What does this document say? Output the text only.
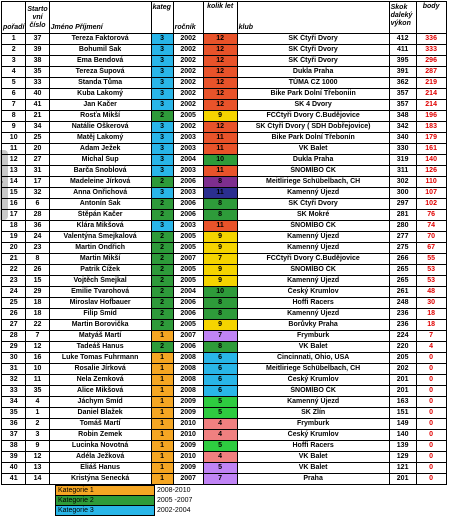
›
pořadí	Starto vní číslo	Jméno Příjmení	kateg	ročník	kolik let	klub	Skok daleký výkon	body
1	37	Tereza Faktorová	3	2002	12	SK Čtyři Dvory	412	336
2	39	Bohumil Šak	3	2002	12	SK Čtyři Dvory	411	333
3	38	Ema Bendová	3	2002	12	SK Čtyři Dvory	395	296
4	35	Tereza Šupová	3	2002	12	Dukla Praha	391	287
5	33	Standa Tůma	3	2002	12	TŮMA CZ 1000	362	219
6	40	Kuba Lakomý	3	2002	12	Bike Park Dolní Třeboniin	357	214
7	41	Jan Kačer	3	2002	12	SK 4 Dvory	357	214
8	21	Rosťa Mikší	2	2005	9	FCČtyři Dvory Č.Budějovice	348	196
9	34	Natálie Oškerová	3	2002	12	SK Čtyři Dvory ( SDH Dobřejovice)	342	183
10	25	Matěj Lakomý	3	2003	11	Bike Park Dolní Třebonín	340	179
11	20	Adam Ježek	3	2003	11	VK Balet	330	161
12	27	Michal Šup	3	2004	10	Dukla Praha	319	140
13	31	Barča Šnoblová	3	2003	11	ŠNOMÍBO ČK	311	126
14	17	Madeleine Jírková	2	2006	8	Meitliriege Schübelbach, CH	302	110
15	32	Anna Onřichová	3	2003	11	Kamenný Újezd	300	107
16	6	Antonín Šak	2	2006	8	SK Čtyři Dvory	297	102
17	28	Štěpán Kačer	2	2006	8	SK Mokré	281	76
18	36	Klára Mikšová	3	2003	11	ŠNOMÍBO ČK	280	74
19	24	Valentýna Šmejkalová	2	2005	9	Kamenný Újezd	277	70
20	23	Martin Ondřich	2	2005	9	Kamenný Újezd	275	67
21	8	Martin Mikší	2	2007	7	FCČtyři Dvory Č.Budějovice	266	55
22	26	Patrik Čížek	2	2005	9	ŠNOMÍBO ČK	265	53
23	15	Vojtěch Šmejkal	2	2005	9	Kamenný Újezd	265	53
24	29	Emilie Tvarohová	2	2004	10	Český Krumlov	261	48
25	18	Miroslav Hofbauer	2	2006	8	Hoffi Racers	248	30
26	18	Filip Šmíd	2	2006	8	Kamenný Újezd	236	18
27	22	Martin Borovička	2	2005	9	Borůvky Praha	236	18
28	7	Matyáš Martí	1	2007	7	Frymburk	224	7
29	12	Tadeáš Hanus	2	2006	8	VK Balet	220	4
30	16	Luke Tomas Fuhrmann	1	2008	6	Cincinnati, Ohio, USA	205	0
31	10	Rosalie Jírková	1	2008	6	Meitliriege Schübelbach, CH	202	0
32	11	Nela Zemková	1	2008	6	Český Krumlov	201	0
33	35	Alice Mikšová	1	2008	6	ŠNOMÍBO ČK	201	0
34	4	Jáchym Šmíd	1	2009	5	Kamenný Újezd	163	0
35	1	Daniel Blažek	1	2009	5	SK Zlín	151	0
36	2	Tomáš Martí	1	2010	4	Frymburk	149	0
37	3	Robin Zemek	1	2010	4	Český Krumlov	140	0
38	9	Lucinka Novotná	1	2009	5	Hoffi Racers	139	0
39	12	Adéla Ježková	1	2010	4	VK Balet	129	0
40	13	Eliáš Hanus	1	2009	5	VK Balet	121	0
41	14	Kristýna Senecká	1	2007	7	Praha	201	0
Kategorie 1	2008-2010
Kategorie 2	2005 -2007
Kategorie 3	2002-2004
